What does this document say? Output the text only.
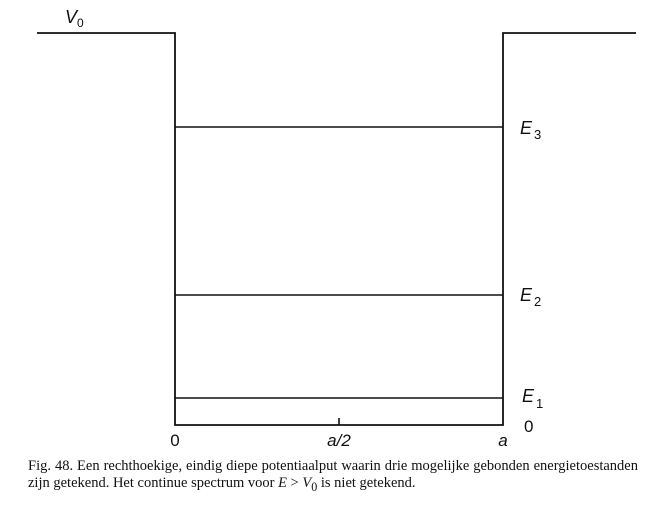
$V_0$
E $_3$
E $_2$
E $_1$
0
0	a/2	a

Fig. 48. Een rechthoekige, eindig diepe potentiaalput waarin drie mogelijke gebonden energietoestanden zijn getekend. Het continue spectrum voor $E > V_0$ is niet getekend.
